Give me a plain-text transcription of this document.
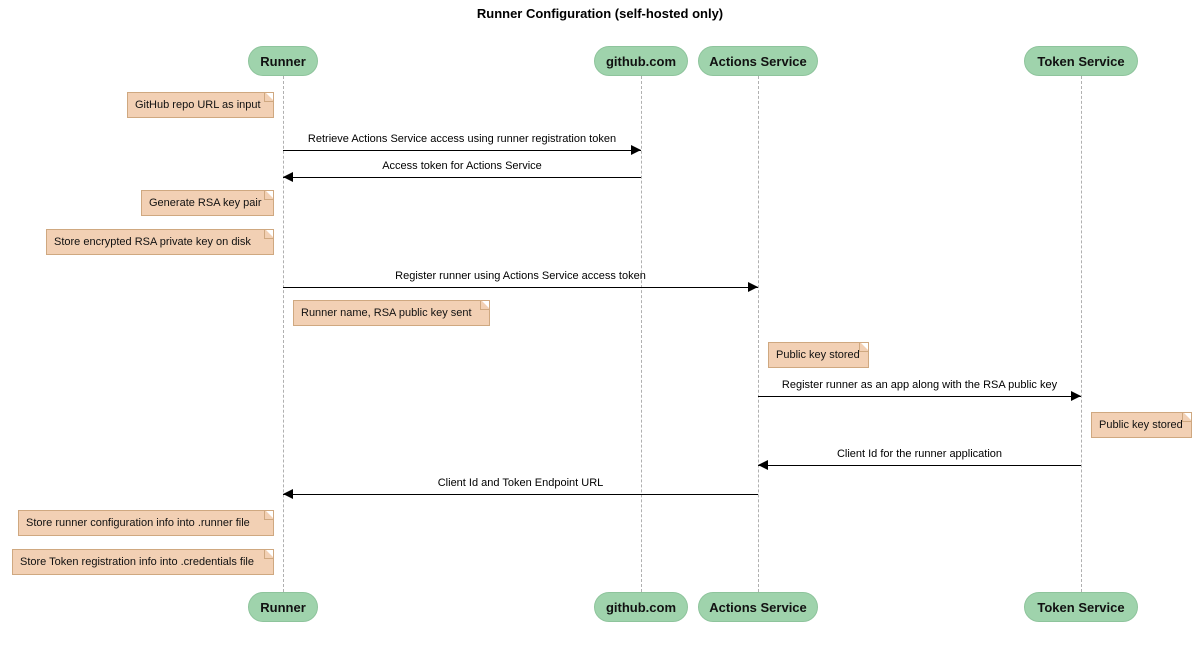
Runner Configuration (self-hosted only)
Runner	github.com	Actions Service	Token Service
Runner	github.com	Actions Service	Token Service
Retrieve Actions Service access using runner registration token
Access token for Actions Service
Register runner using Actions Service access token
Register runner as an app along with the RSA public key
Client Id for the runner application
Client Id and Token Endpoint URL
GitHub repo URL as input
Generate RSA key pair
Store encrypted RSA private key on disk
Runner name, RSA public key sent
Public key stored
Public key stored
Store runner configuration info into .runner file
Store Token registration info into .credentials file
